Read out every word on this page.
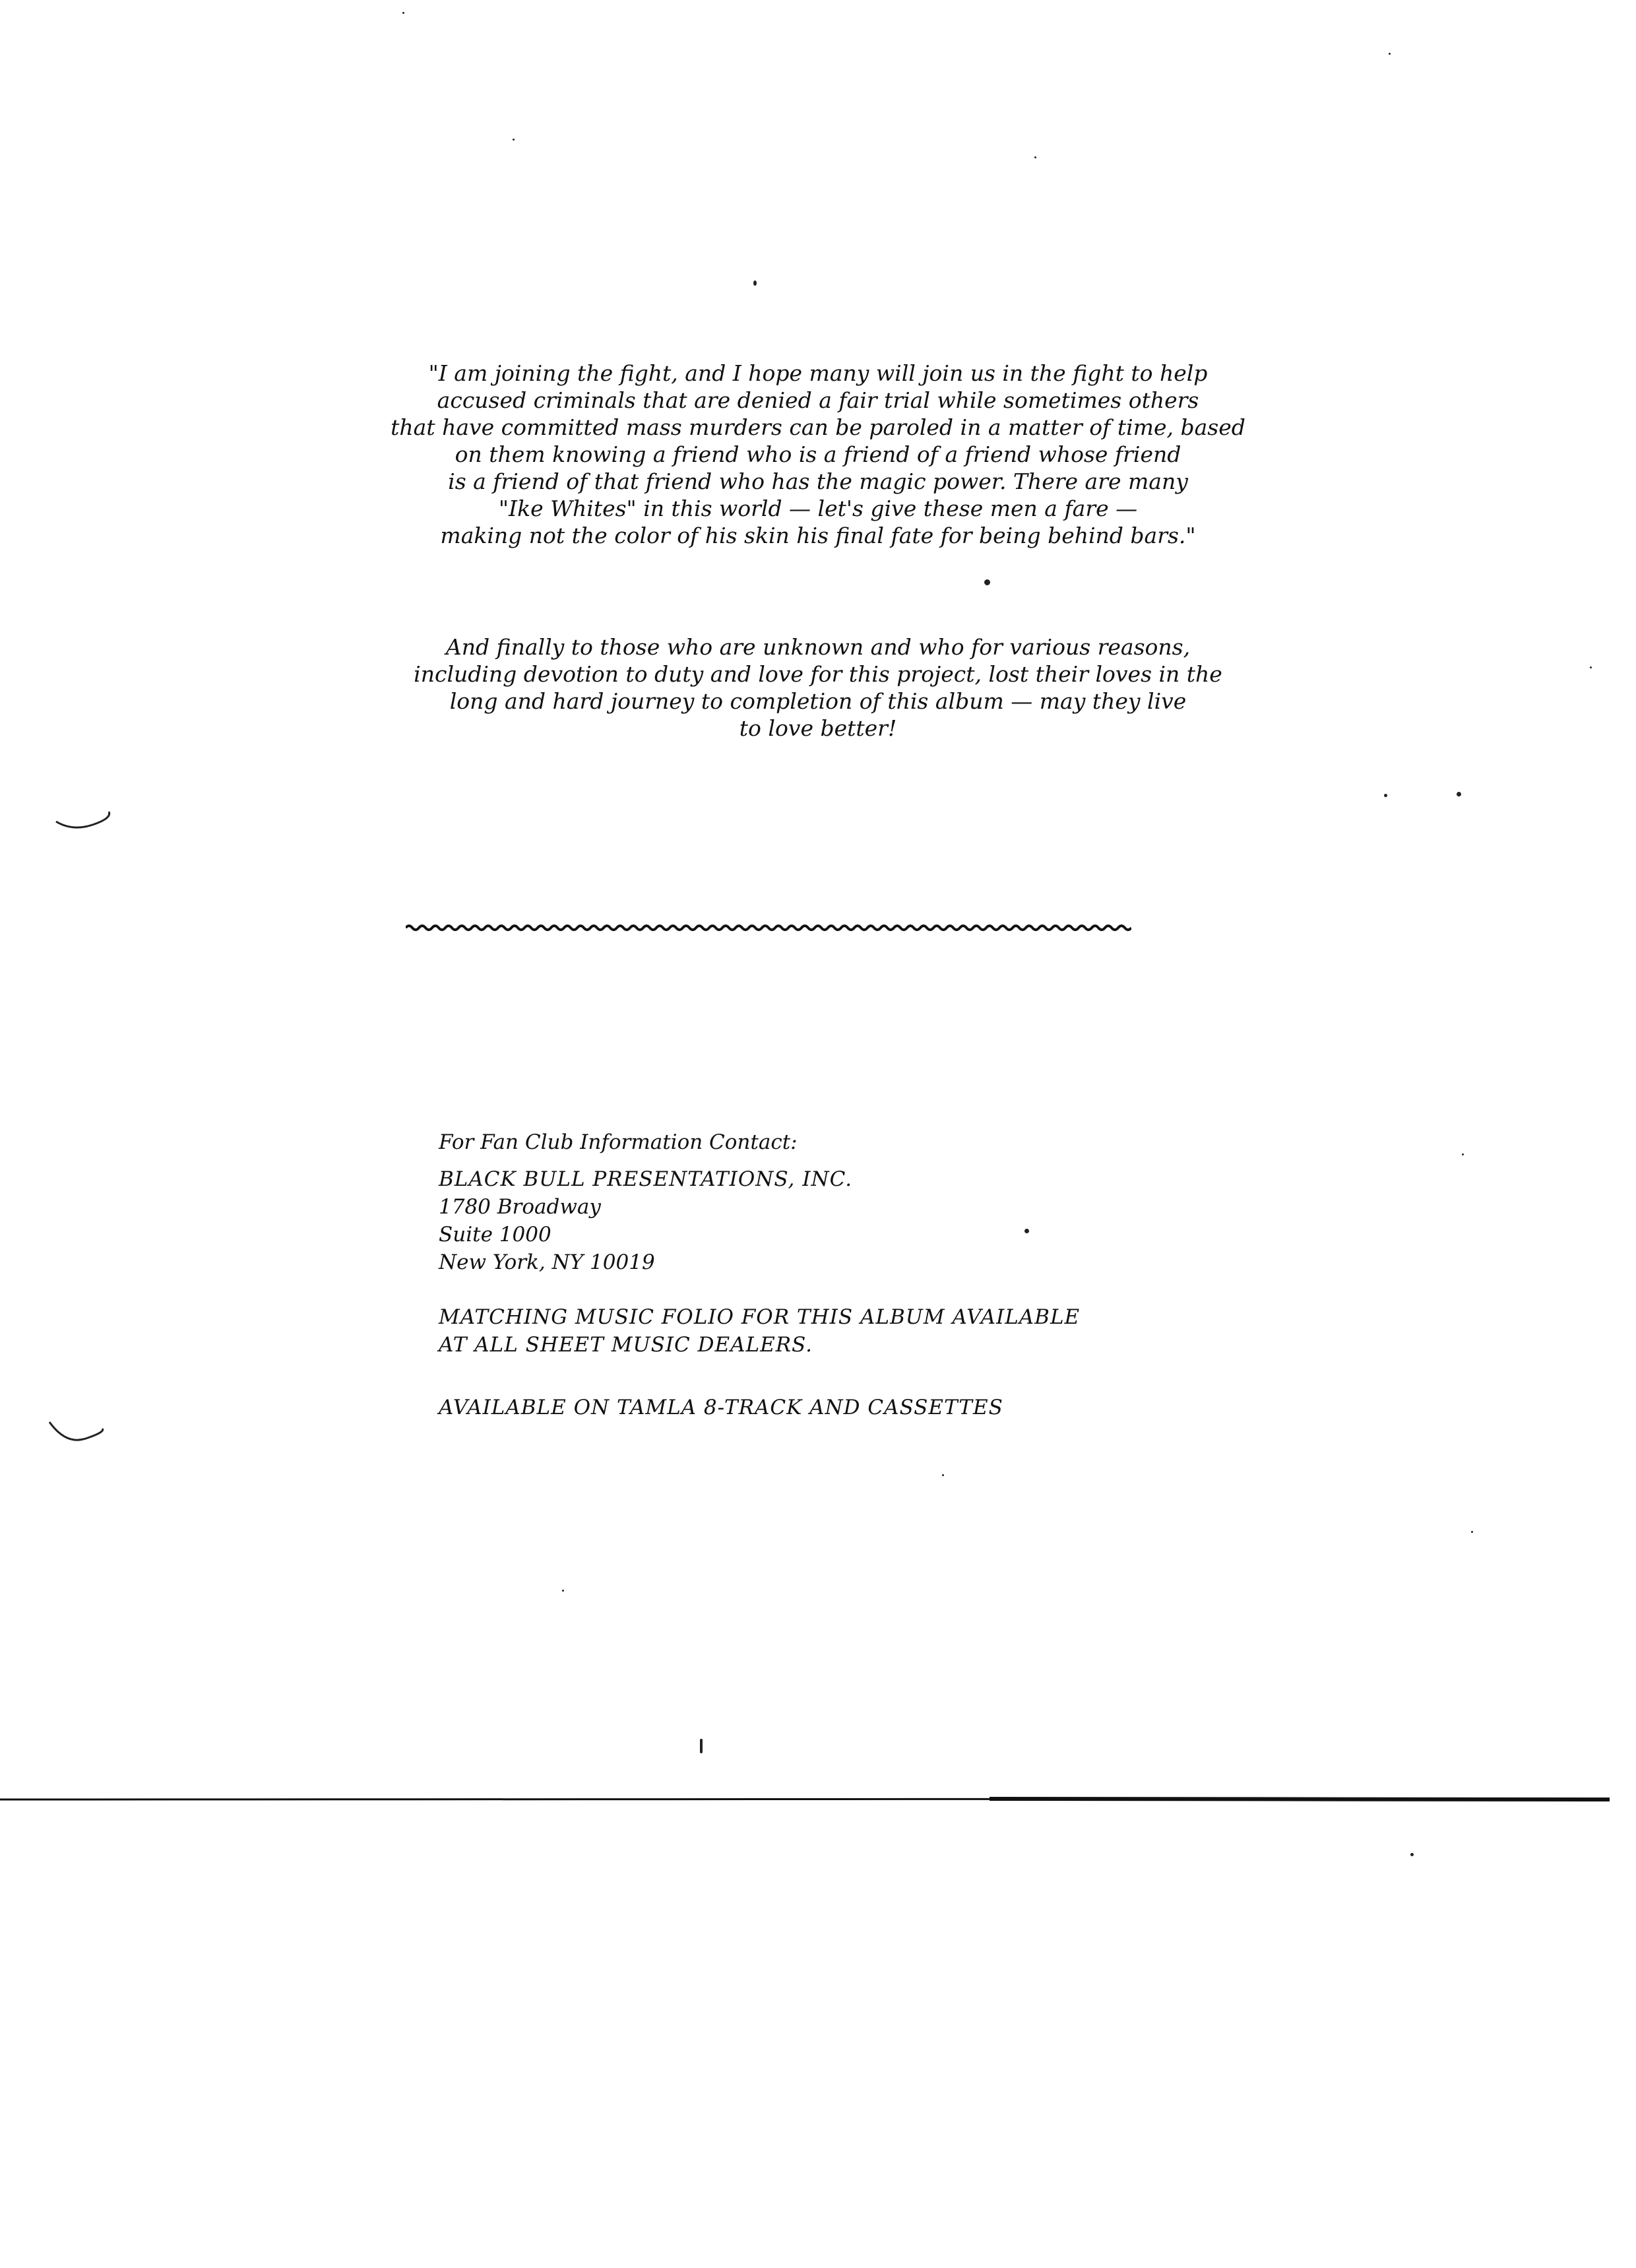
"I am joining the fight, and I hope many will join us in the fight to help
accused criminals that are denied a fair trial while sometimes others
that have committed mass murders can be paroled in a matter of time, based
on them knowing a friend who is a friend of a friend whose friend
is a friend of that friend who has the magic power. There are many
"Ike Whites" in this world — let's give these men a fare —
making not the color of his skin his final fate for being behind bars."
And finally to those who are unknown and who for various reasons,
including devotion to duty and love for this project, lost their loves in the
long and hard journey to completion of this album — may they live
to love better!
For Fan Club Information Contact:
BLACK BULL PRESENTATIONS, INC.
1780 Broadway
Suite 1000
New York, NY 10019
MATCHING MUSIC FOLIO FOR THIS ALBUM AVAILABLE
AT ALL SHEET MUSIC DEALERS.
AVAILABLE ON TAMLA 8-TRACK AND CASSETTES
